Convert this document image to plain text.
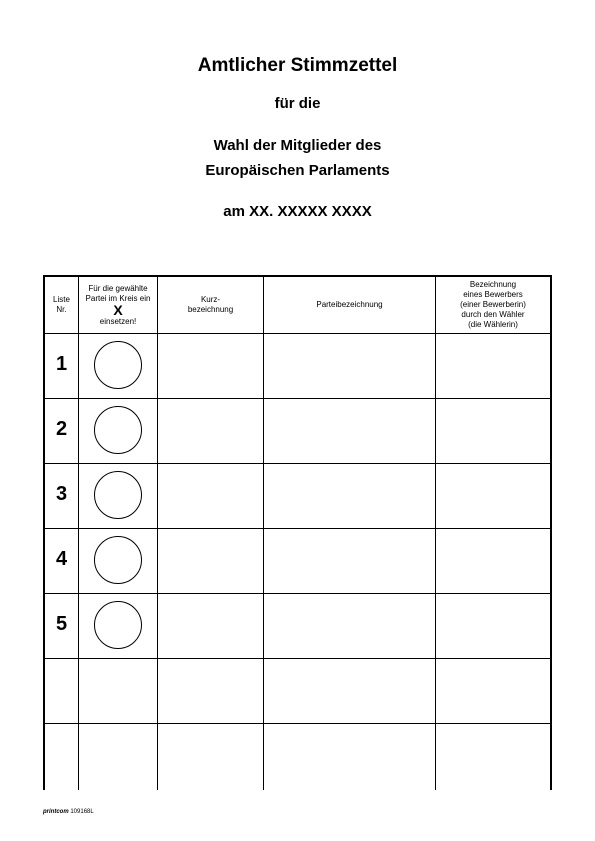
Amtlicher Stimmzettel
für die
Wahl der Mitglieder des
Europäischen Parlaments
am XX. XXXXX XXXX
Liste
Nr.
Für die gewählte
Partei im Kreis ein
X
einsetzen!
Kurz-
bezeichnung
Parteibezeichnung
Bezeichnung
eines Bewerbers
(einer Bewerberin)
durch den Wähler
(die Wählerin)
1
2
3
4
5
printcom 109168L
